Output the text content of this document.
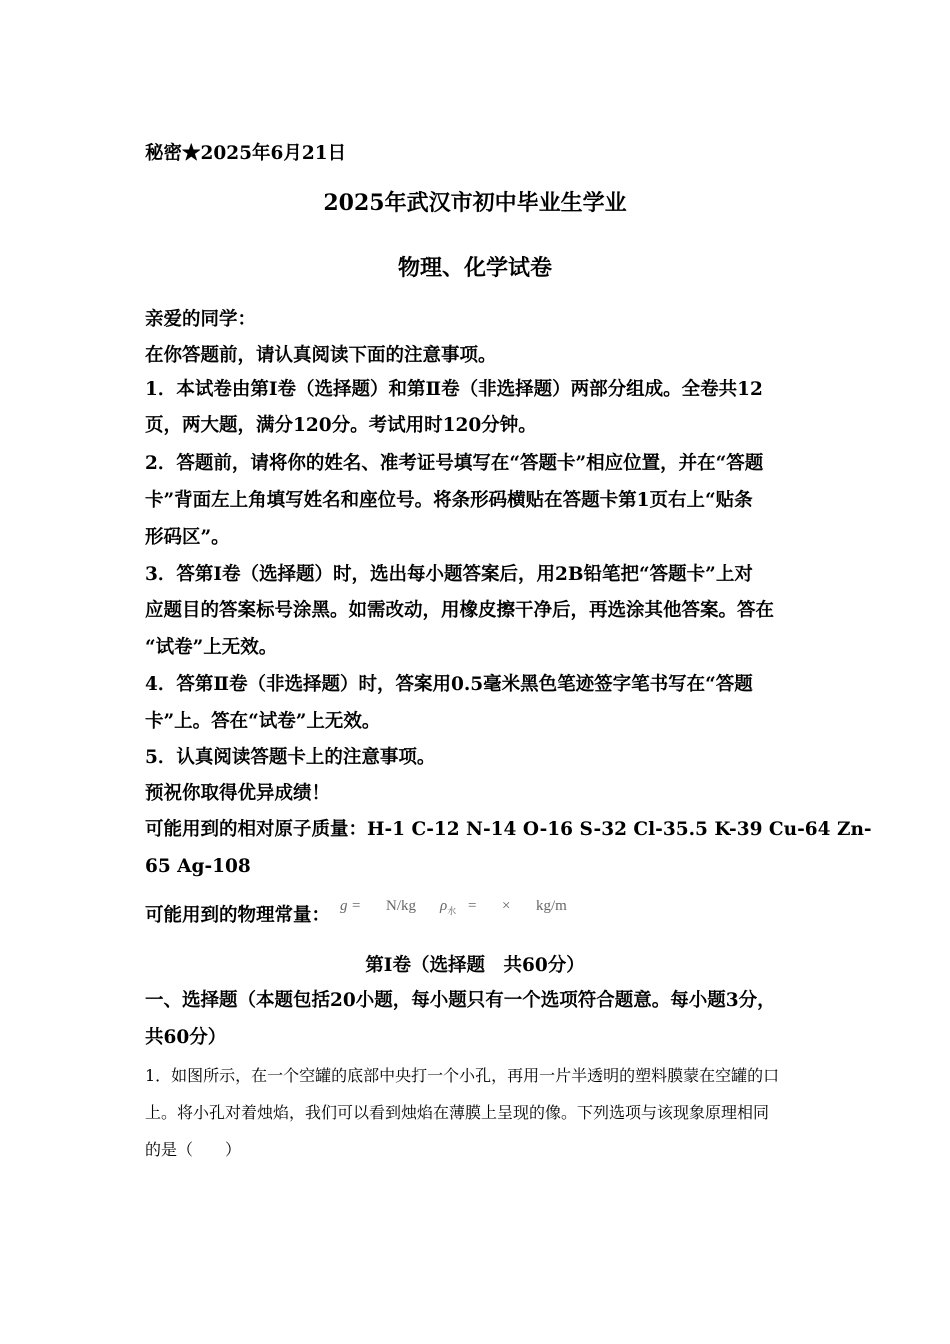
秘密★2025年6月21日
2025年武汉市初中毕业生学业
物理、化学试卷
亲爱的同学：
在你答题前，请认真阅读下面的注意事项。
1．本试卷由第Ⅰ卷（选择题）和第Ⅱ卷（非选择题）两部分组成。全卷共12
页，两大题，满分120分。考试用时120分钟。
2．答题前，请将你的姓名、准考证号填写在“答题卡”相应位置，并在“答题
卡”背面左上角填写姓名和座位号。将条形码横贴在答题卡第1页右上“贴条
形码区”。
3．答第Ⅰ卷（选择题）时，选出每小题答案后，用2B铅笔把“答题卡”上对
应题目的答案标号涂黑。如需改动，用橡皮擦干净后，再选涂其他答案。答在
“试卷”上无效。
4．答第Ⅱ卷（非选择题）时，答案用0.5毫米黑色笔迹签字笔书写在“答题
卡”上。答在“试卷”上无效。
5．认真阅读答题卡上的注意事项。
预祝你取得优异成绩！
可能用到的相对原子质量：H-1 C-12 N-14 O-16 S-32 Cl-35.5 K-39 Cu-64 Zn-
65 Ag-108
可能用到的物理常量： g = N/kg $\rho_水$ = × kg/m
第Ⅰ卷（选择题　共60分）
一、选择题（本题包括20小题，每小题只有一个选项符合题意。每小题3分，
共60分）
1．如图所示，在一个空罐的底部中央打一个小孔，再用一片半透明的塑料膜蒙在空罐的口
上。将小孔对着烛焰，我们可以看到烛焰在薄膜上呈现的像。下列选项与该现象原理相同
的是（　　）
